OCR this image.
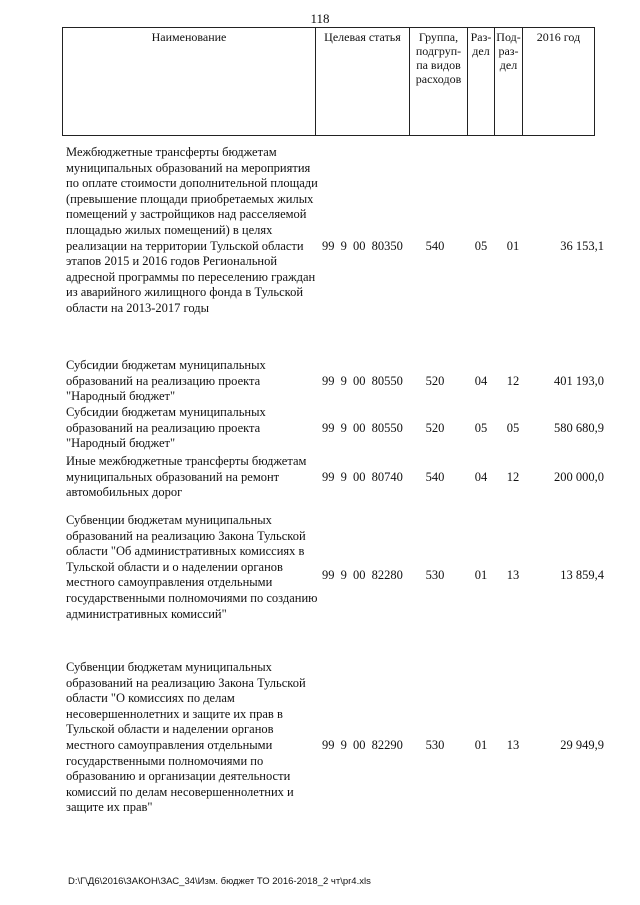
118
Наименование	Целевая статья	Группа, подгруп-па видов расходов	Раз-дел	Под-раз-дел	2016 год
Межбюджетные трансферты бюджетам муниципальных образований на мероприятия по оплате стоимости дополнительной площади (превышение площади приобретаемых жилых помещений у застройщиков над расселяемой площадью жилых помещений) в целях реализации на территории Тульской области этапов 2015 и 2016 годов Региональной адресной программы по переселению граждан из аварийного жилищного фонда в Тульской области на 2013-2017 годы
99 9 00 80350	540	05	01	36 153,1
Субсидии бюджетам муниципальных образований на реализацию проекта "Народный бюджет"
99 9 00 80550	520	04	12	401 193,0
Субсидии бюджетам муниципальных образований на реализацию проекта "Народный бюджет"
99 9 00 80550	520	05	05	580 680,9
Иные межбюджетные трансферты бюджетам муниципальных образований на ремонт автомобильных дорог
99 9 00 80740	540	04	12	200 000,0
Субвенции бюджетам муниципальных образований на реализацию Закона Тульской области "Об административных комиссиях в Тульской области и о наделении органов местного самоуправления отдельными государственными полномочиями по созданию административных комиссий"
99 9 00 82280	530	01	13	13 859,4
Субвенции бюджетам муниципальных образований на реализацию Закона Тульской области "О комиссиях по делам несовершеннолетних и защите их прав в Тульской области и наделении органов местного самоуправления отдельными государственными полномочиями по образованию и организации деятельности комиссий по делам несовершеннолетних и защите их прав"
99 9 00 82290	530	01	13	29 949,9
D:\Г\Д6\2016\ЗАКОН\ЗАС_34\Изм. бюджет ТО 2016-2018_2 чт\pr4.xls
